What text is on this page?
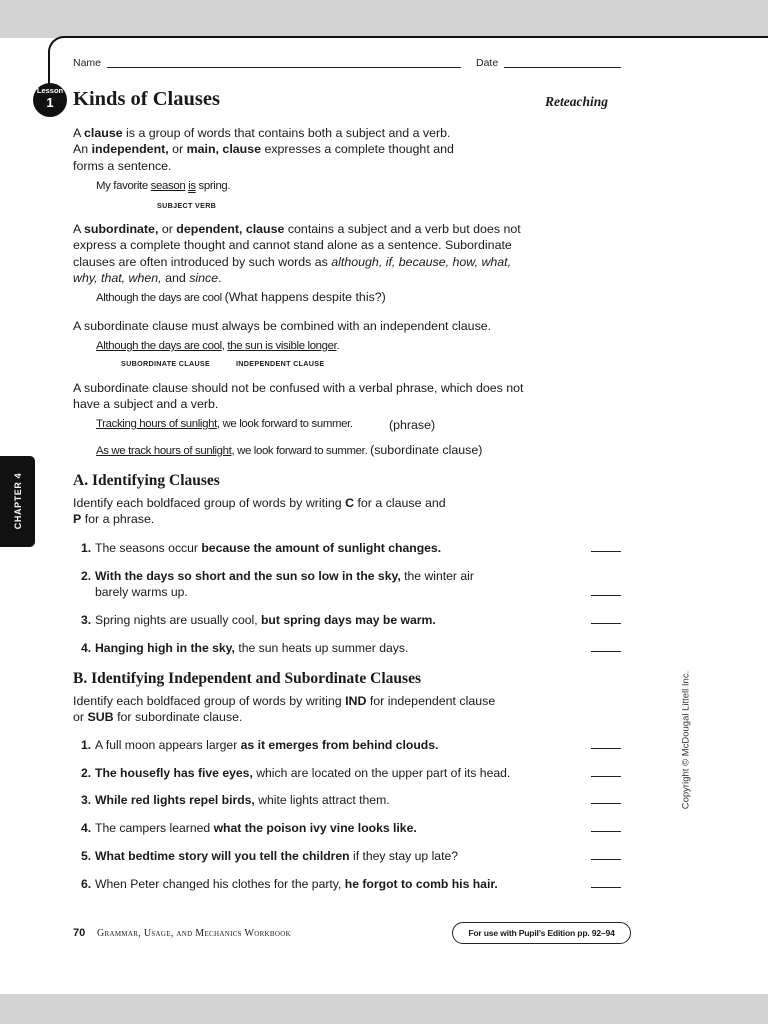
Name	Date
Lesson
1 Kinds of Clauses	Reteaching
A clause is a group of words that contains both a subject and a verb.
An independent, or main, clause expresses a complete thought and
forms a sentence.
My favorite season is spring.
SUBJECT VERB
A subordinate, or dependent, clause contains a subject and a verb but does not
express a complete thought and cannot stand alone as a sentence. Subordinate
clauses are often introduced by such words as although, if, because, how, what,
why, that, when, and since.
Although the days are cool (What happens despite this?)
A subordinate clause must always be combined with an independent clause.
Although the days are cool, the sun is visible longer.
SUBORDINATE CLAUSE	INDEPENDENT CLAUSE
A subordinate clause should not be confused with a verbal phrase, which does not
have a subject and a verb.
Tracking hours of sunlight, we look forward to summer.	(phrase)
As we track hours of sunlight, we look forward to summer. (subordinate clause)
A. Identifying Clauses
Identify each boldfaced group of words by writing C for a clause and
P for a phrase.
B. Identifying Independent and Subordinate Clauses
Identify each boldfaced group of words by writing IND for independent clause
or SUB for subordinate clause.
CHAPTER 4
Copyright © McDougal Littell Inc.
70 Grammar, Usage, and Mechanics Workbook	For use with Pupil’s Edition pp. 92–94
1. The seasons occur because the amount of sunlight changes.
2. With the days so short and the sun so low in the sky, the winter air
barely warms up.
3. Spring nights are usually cool, but spring days may be warm.
4. Hanging high in the sky, the sun heats up summer days.
1. A full moon appears larger as it emerges from behind clouds.
2. The housefly has five eyes, which are located on the upper part of its head.
3. While red lights repel birds, white lights attract them.
4. The campers learned what the poison ivy vine looks like.
5. What bedtime story will you tell the children if they stay up late?
6. When Peter changed his clothes for the party, he forgot to comb his hair.
